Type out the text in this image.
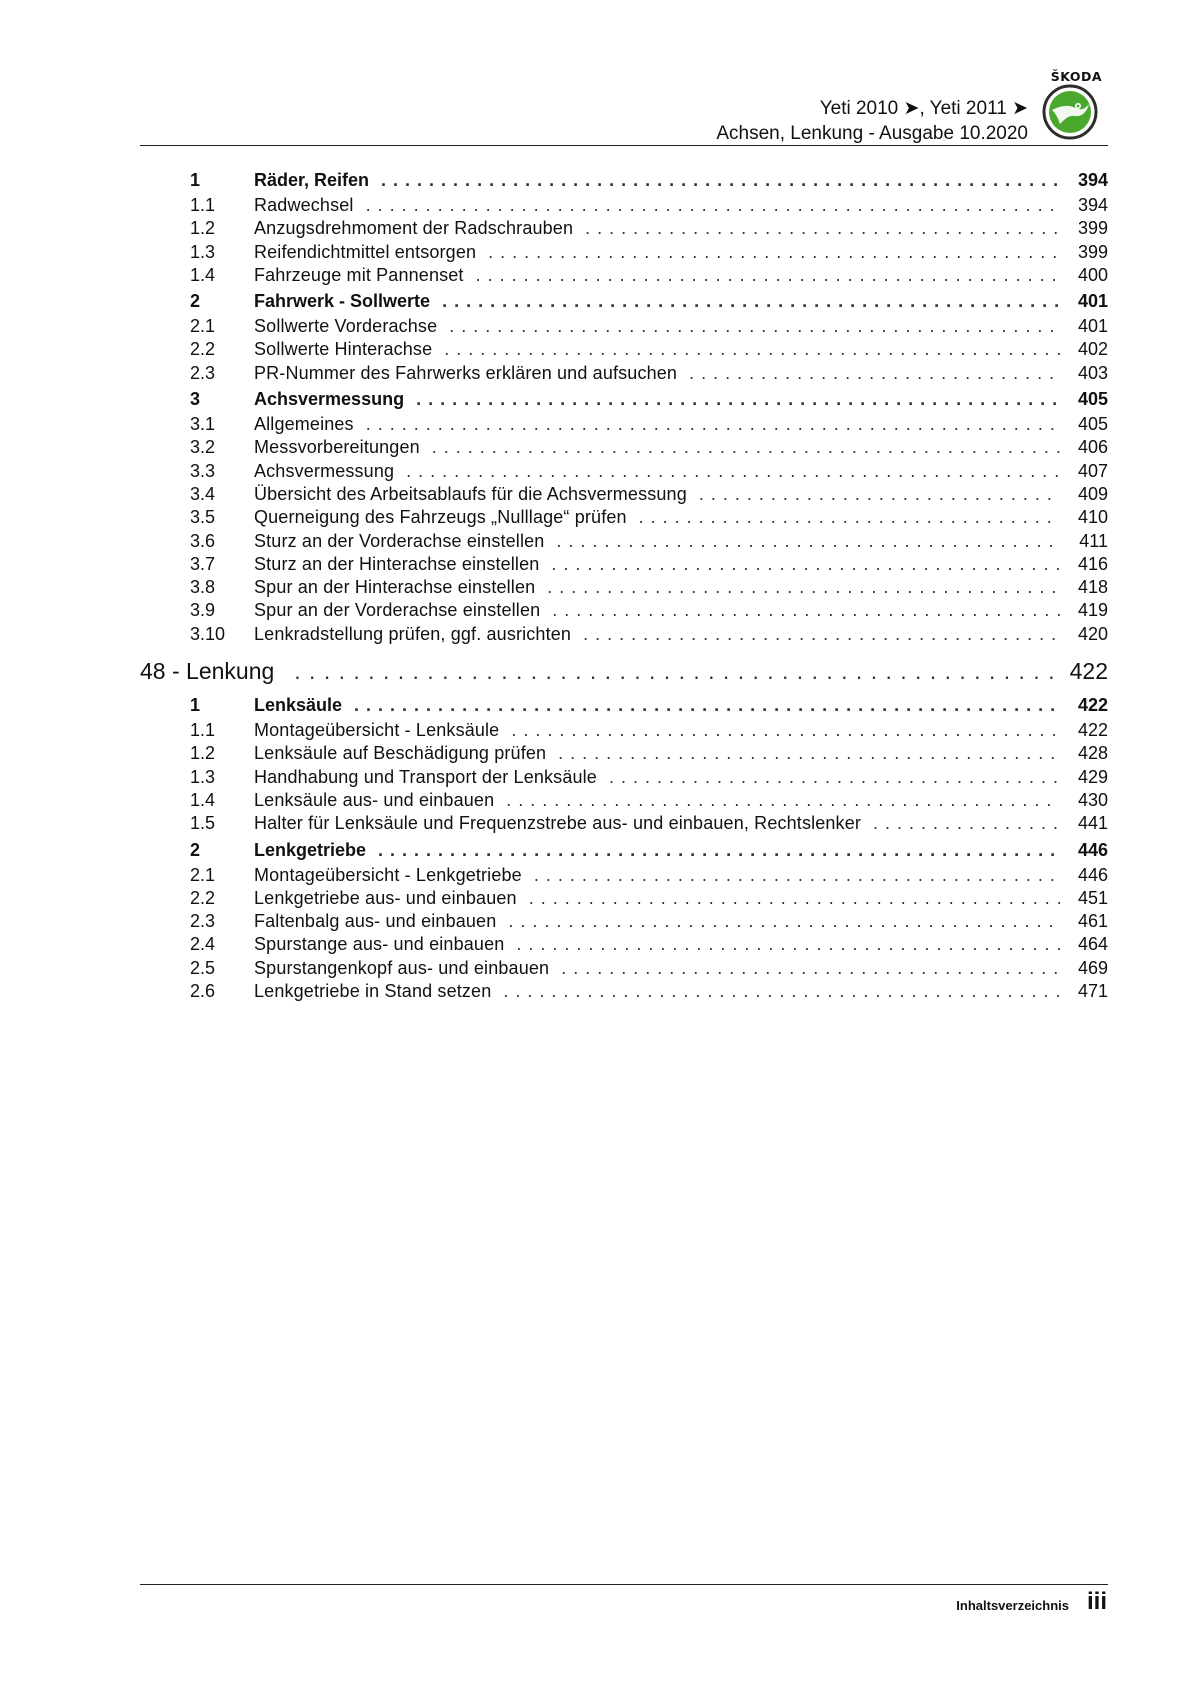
Yeti 2010 ➤, Yeti 2011 ➤
Achsen, Lenkung - Ausgabe 10.2020
ŠKODA
1	Räder, Reifen . . .	394
1.1	Radwechsel . . .	394
1.2	Anzugsdrehmoment der Radschrauben . . .	399
1.3	Reifendichtmittel entsorgen . . .	399
1.4	Fahrzeuge mit Pannenset . . .	400
2	Fahrwerk - Sollwerte . . .	401
2.1	Sollwerte Vorderachse . . .	401
2.2	Sollwerte Hinterachse . . .	402
2.3	PR-Nummer des Fahrwerks erklären und aufsuchen . . .	403
3	Achsvermessung . . .	405
3.1	Allgemeines . . .	405
3.2	Messvorbereitungen . . .	406
3.3	Achsvermessung . . .	407
3.4	Übersicht des Arbeitsablaufs für die Achsvermessung . . .	409
3.5	Querneigung des Fahrzeugs „Nulllage“ prüfen . . .	410
3.6	Sturz an der Vorderachse einstellen . . .	411
3.7	Sturz an der Hinterachse einstellen . . .	416
3.8	Spur an der Hinterachse einstellen . . .	418
3.9	Spur an der Vorderachse einstellen . . .	419
3.10	Lenkradstellung prüfen, ggf. ausrichten . . .	420
48 - Lenkung . . .	422
1	Lenksäule . . .	422
1.1	Montageübersicht - Lenksäule . . .	422
1.2	Lenksäule auf Beschädigung prüfen . . .	428
1.3	Handhabung und Transport der Lenksäule . . .	429
1.4	Lenksäule aus- und einbauen . . .	430
1.5	Halter für Lenksäule und Frequenzstrebe aus- und einbauen, Rechtslenker . . .	441
2	Lenkgetriebe . . .	446
2.1	Montageübersicht - Lenkgetriebe . . .	446
2.2	Lenkgetriebe aus- und einbauen . . .	451
2.3	Faltenbalg aus- und einbauen . . .	461
2.4	Spurstange aus- und einbauen . . .	464
2.5	Spurstangenkopf aus- und einbauen . . .	469
2.6	Lenkgetriebe in Stand setzen . . .	471
Inhaltsverzeichnis iii
